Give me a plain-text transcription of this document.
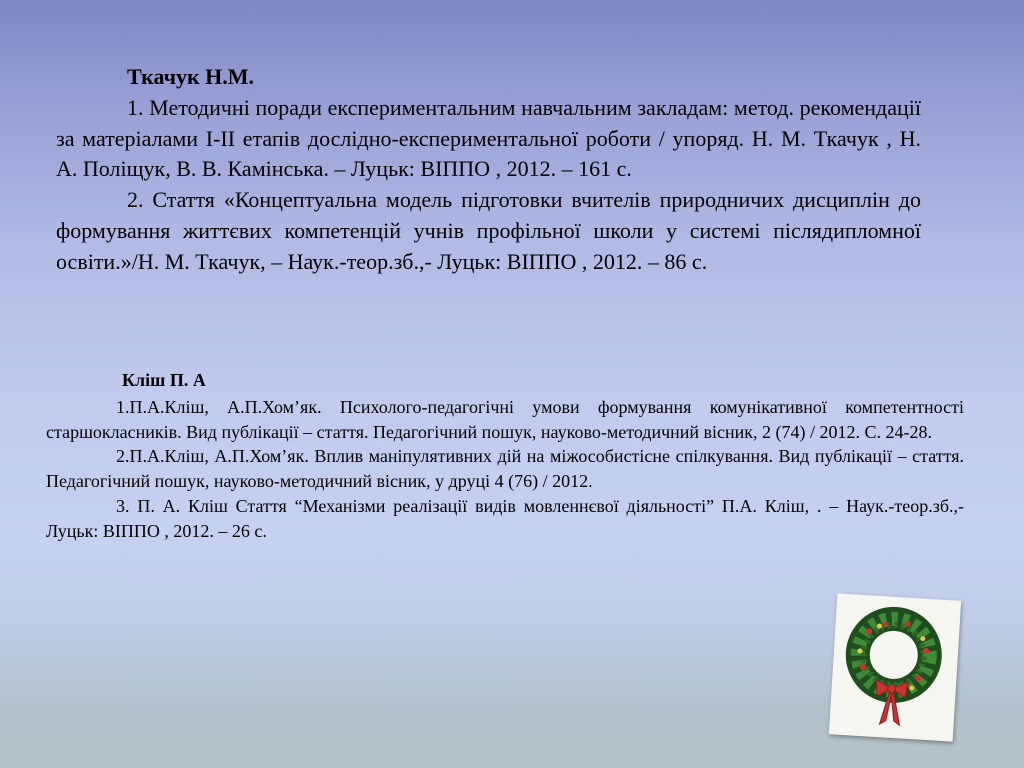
Ткачук Н.М.

1. Методичні поради експериментальним навчальним закладам: метод. рекомендації за матеріалами І-ІІ етапів дослідно-експериментальної роботи / упоряд. Н. М. Ткачук , Н. А. Поліщук, В. В. Камінська. – Луцьк: ВІППО , 2012. – 161 с.

2. Стаття «Концептуальна модель підготовки вчителів природничих дисциплін до формування життєвих компетенцій учнів профільної школи у системі післядипломної освіти.»/Н. М. Ткачук, – Наук.-теор.зб.,- Луцьк: ВІППО , 2012. – 86 с.

Кліш П. А

1.П.А.Кліш, А.П.Хом’як. Психолого-педагогічні умови формування комунікативної компетентності старшокласників. Вид публікації – стаття. Педагогічний пошук, науково-методичний вісник, 2 (74) / 2012. С. 24-28.

2.П.А.Кліш, А.П.Хом’як. Вплив маніпулятивних дій на міжособистісне спілкування. Вид публікації – стаття. Педагогічний пошук, науково-методичний вісник, у друці 4 (76) / 2012.

3. П. А. Кліш Стаття “Механізми реалізації видів мовленнєвої діяльності” П.А. Кліш, . – Наук.-теор.зб.,- Луцьк: ВІППО , 2012. – 26 с.
